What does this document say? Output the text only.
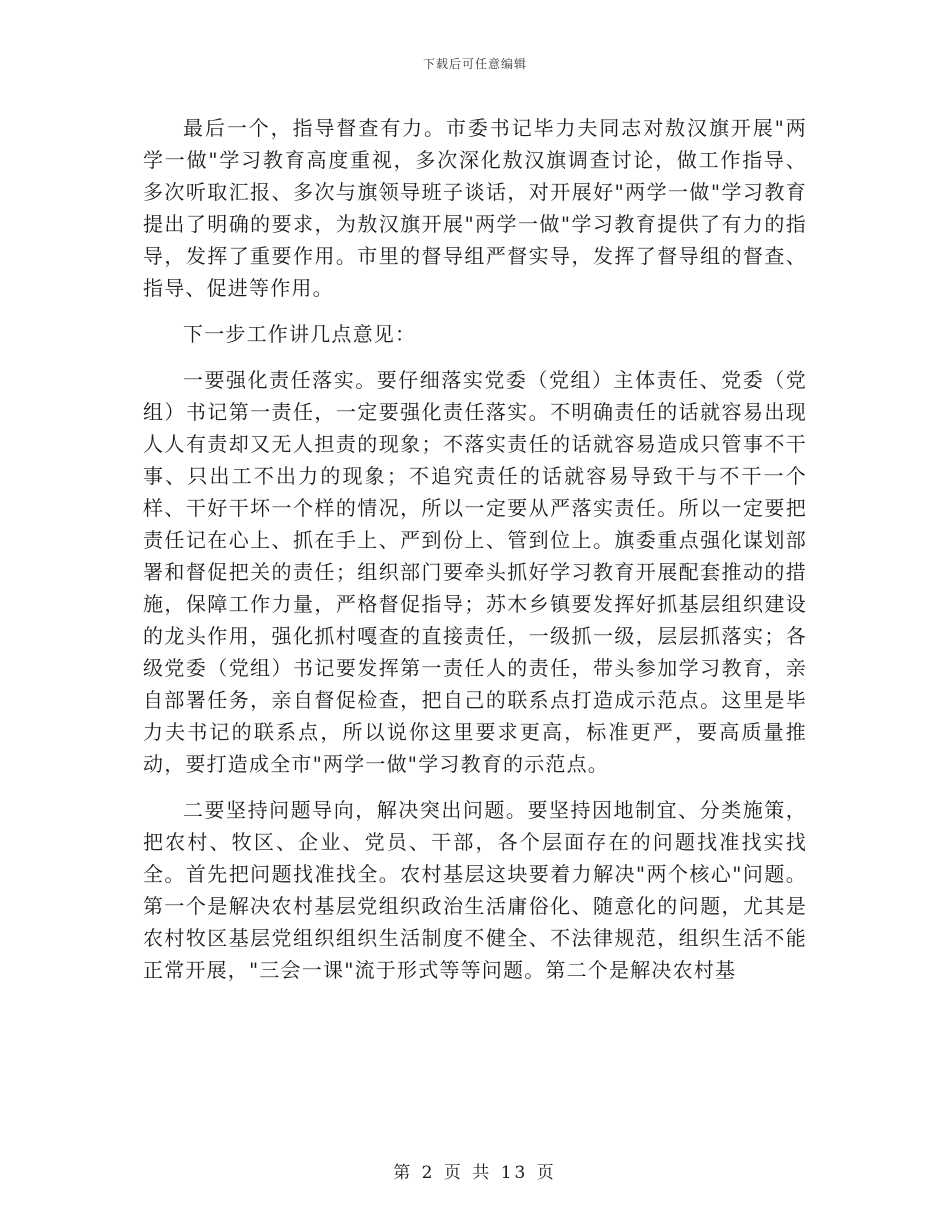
下载后可任意编辑

最后一个，指导督查有力。市委书记毕力夫同志对敖汉旗开展"两学一做"学习教育高度重视，多次深化敖汉旗调查讨论，做工作指导、多次听取汇报、多次与旗领导班子谈话，对开展好"两学一做"学习教育提出了明确的要求，为敖汉旗开展"两学一做"学习教育提供了有力的指导，发挥了重要作用。市里的督导组严督实导，发挥了督导组的督查、指导、促进等作用。

下一步工作讲几点意见：

一要强化责任落实。要仔细落实党委（党组）主体责任、党委（党组）书记第一责任，一定要强化责任落实。不明确责任的话就容易出现人人有责却又无人担责的现象；不落实责任的话就容易造成只管事不干事、只出工不出力的现象；不追究责任的话就容易导致干与不干一个样、干好干坏一个样的情况，所以一定要从严落实责任。所以一定要把责任记在心上、抓在手上、严到份上、管到位上。旗委重点强化谋划部署和督促把关的责任；组织部门要牵头抓好学习教育开展配套推动的措施，保障工作力量，严格督促指导；苏木乡镇要发挥好抓基层组织建设的龙头作用，强化抓村嘎查的直接责任，一级抓一级，层层抓落实；各级党委（党组）书记要发挥第一责任人的责任，带头参加学习教育，亲自部署任务，亲自督促检查，把自己的联系点打造成示范点。这里是毕力夫书记的联系点，所以说你这里要求更高，标准更严，要高质量推动，要打造成全市"两学一做"学习教育的示范点。

二要坚持问题导向，解决突出问题。要坚持因地制宜、分类施策，把农村、牧区、企业、党员、干部，各个层面存在的问题找准找实找全。首先把问题找准找全。农村基层这块要着力解决"两个核心"问题。第一个是解决农村基层党组织政治生活庸俗化、随意化的问题，尤其是农村牧区基层党组织组织生活制度不健全、不法律规范，组织生活不能正常开展，"三会一课"流于形式等等问题。第二个是解决农村基

第 2 页 共 13 页
